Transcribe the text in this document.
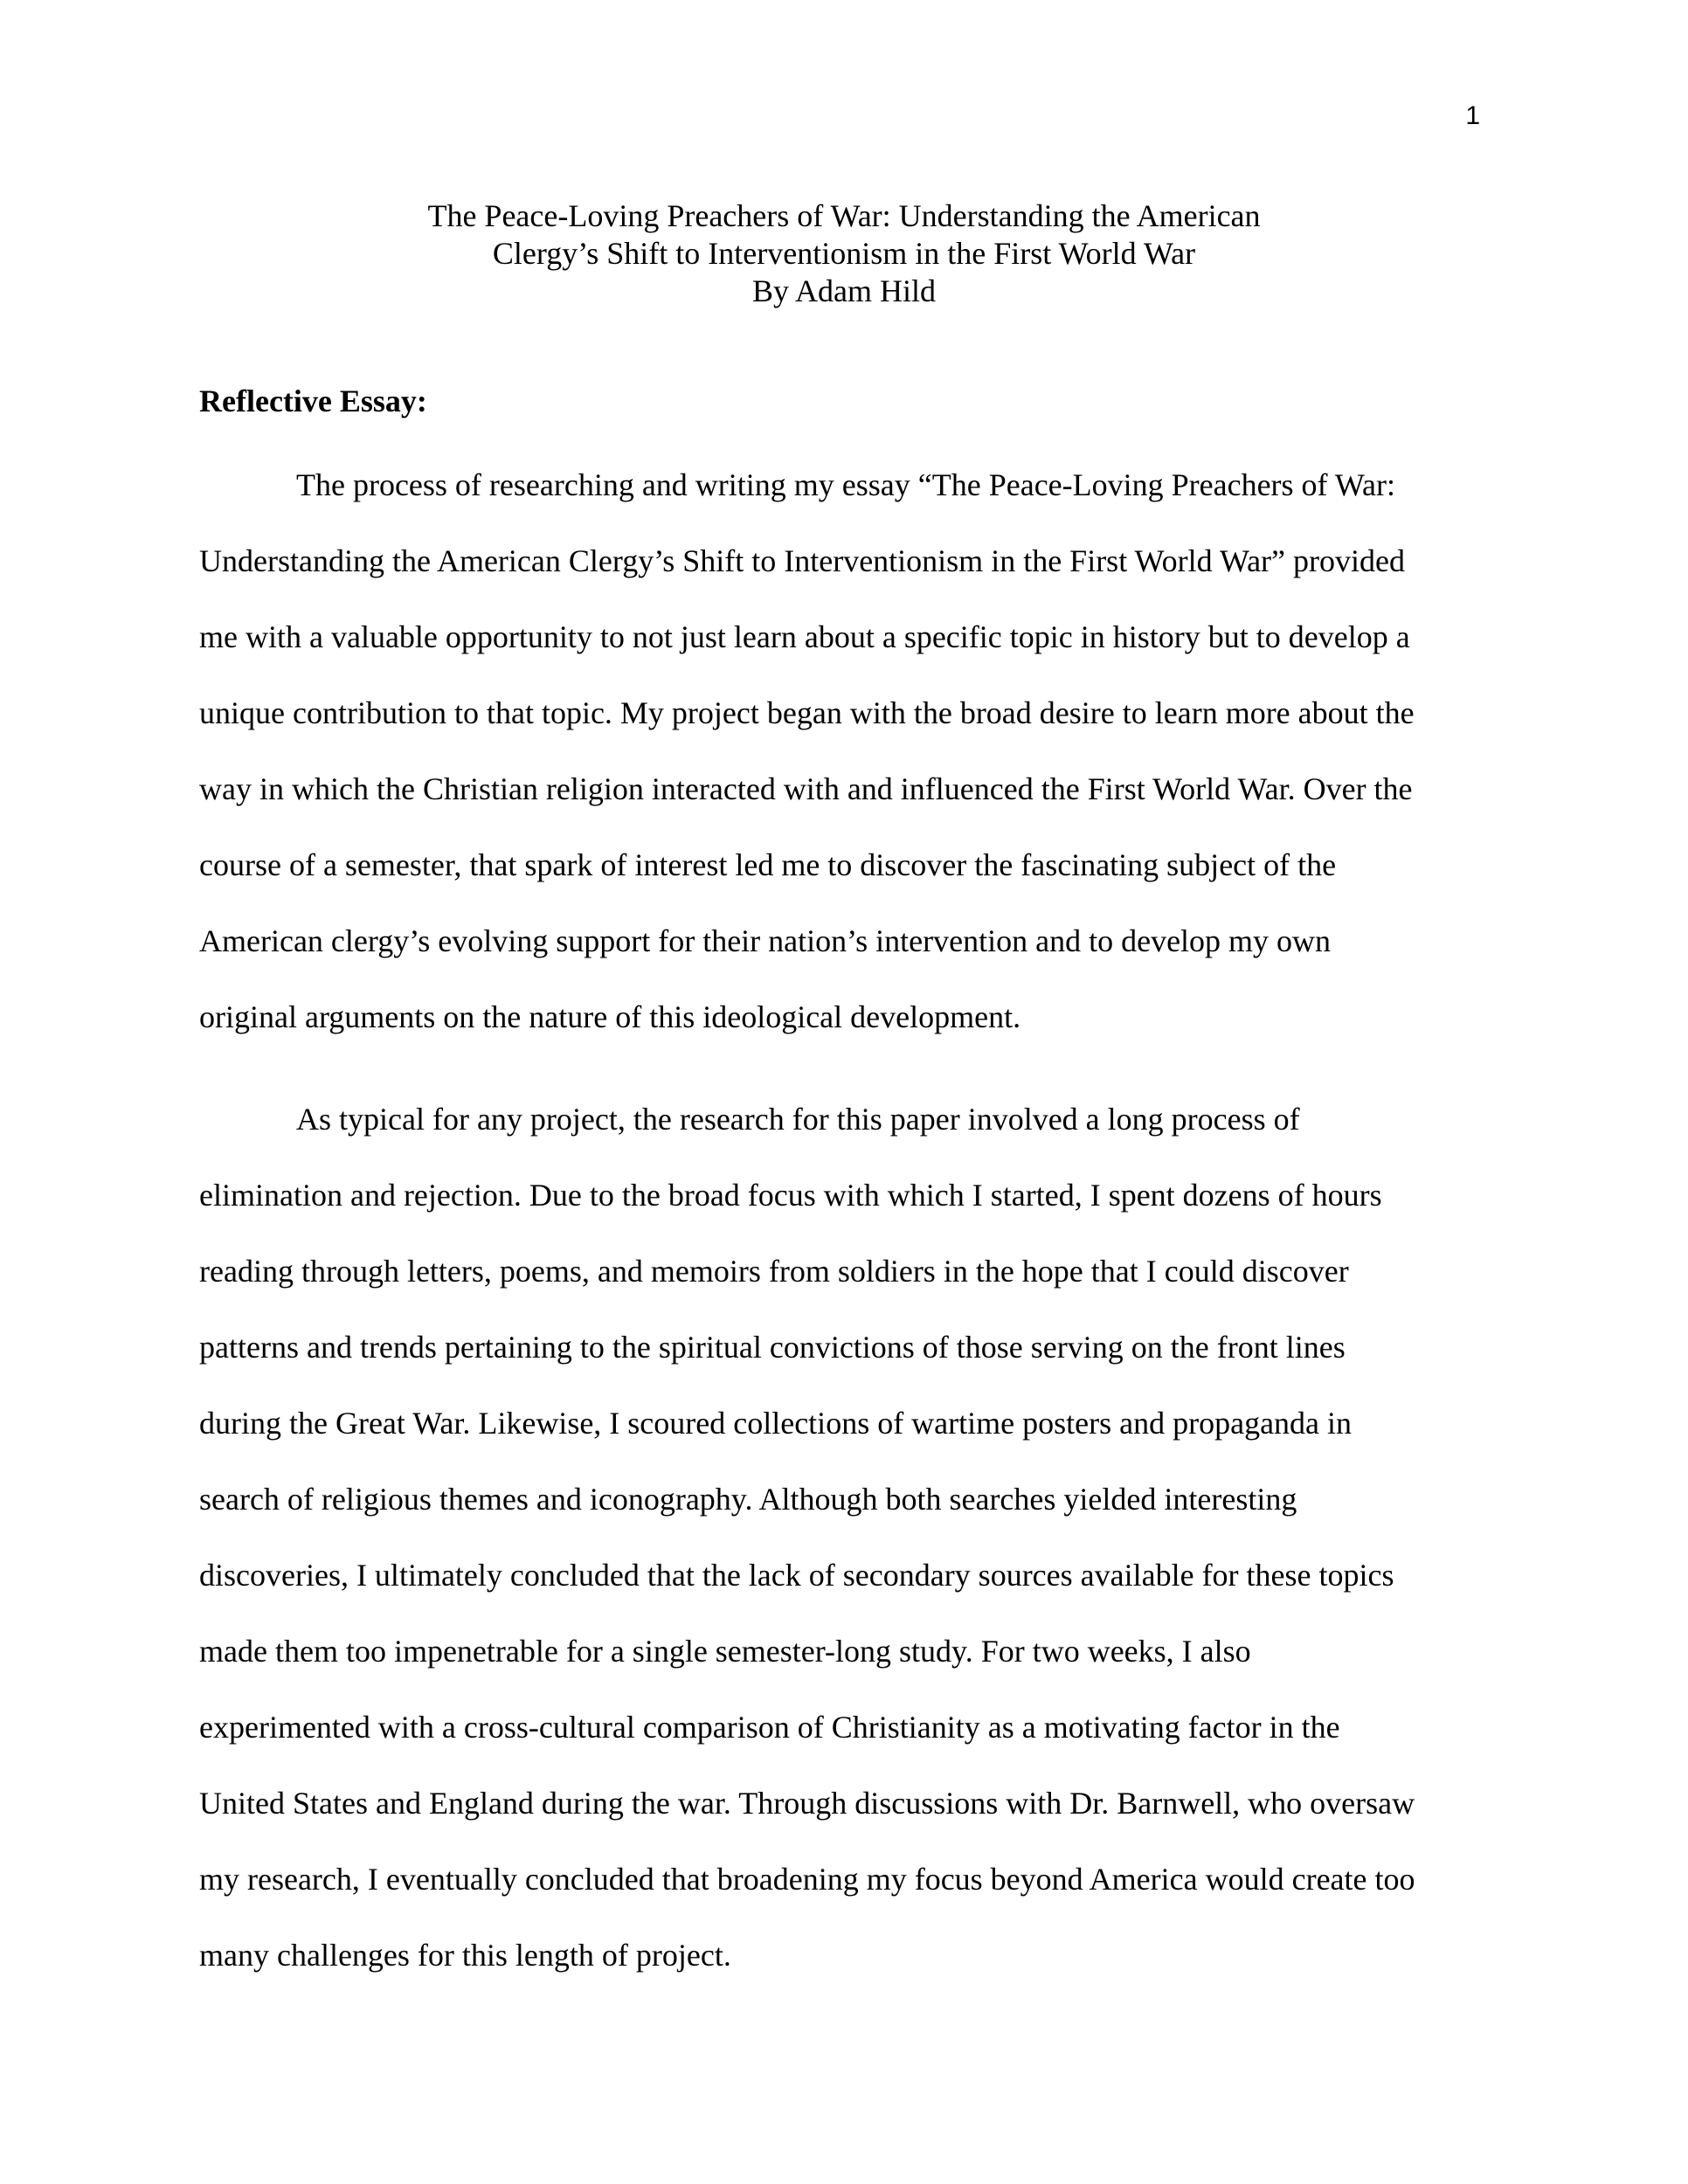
1
The Peace-Loving Preachers of War: Understanding the American
Clergy’s Shift to Interventionism in the First World War
By Adam Hild
Reflective Essay:
The process of researching and writing my essay “The Peace-Loving Preachers of War:
Understanding the American Clergy’s Shift to Interventionism in the First World War” provided
me with a valuable opportunity to not just learn about a specific topic in history but to develop a
unique contribution to that topic. My project began with the broad desire to learn more about the
way in which the Christian religion interacted with and influenced the First World War. Over the
course of a semester, that spark of interest led me to discover the fascinating subject of the
American clergy’s evolving support for their nation’s intervention and to develop my own
original arguments on the nature of this ideological development.
As typical for any project, the research for this paper involved a long process of
elimination and rejection. Due to the broad focus with which I started, I spent dozens of hours
reading through letters, poems, and memoirs from soldiers in the hope that I could discover
patterns and trends pertaining to the spiritual convictions of those serving on the front lines
during the Great War. Likewise, I scoured collections of wartime posters and propaganda in
search of religious themes and iconography. Although both searches yielded interesting
discoveries, I ultimately concluded that the lack of secondary sources available for these topics
made them too impenetrable for a single semester-long study. For two weeks, I also
experimented with a cross-cultural comparison of Christianity as a motivating factor in the
United States and England during the war. Through discussions with Dr. Barnwell, who oversaw
my research, I eventually concluded that broadening my focus beyond America would create too
many challenges for this length of project.
